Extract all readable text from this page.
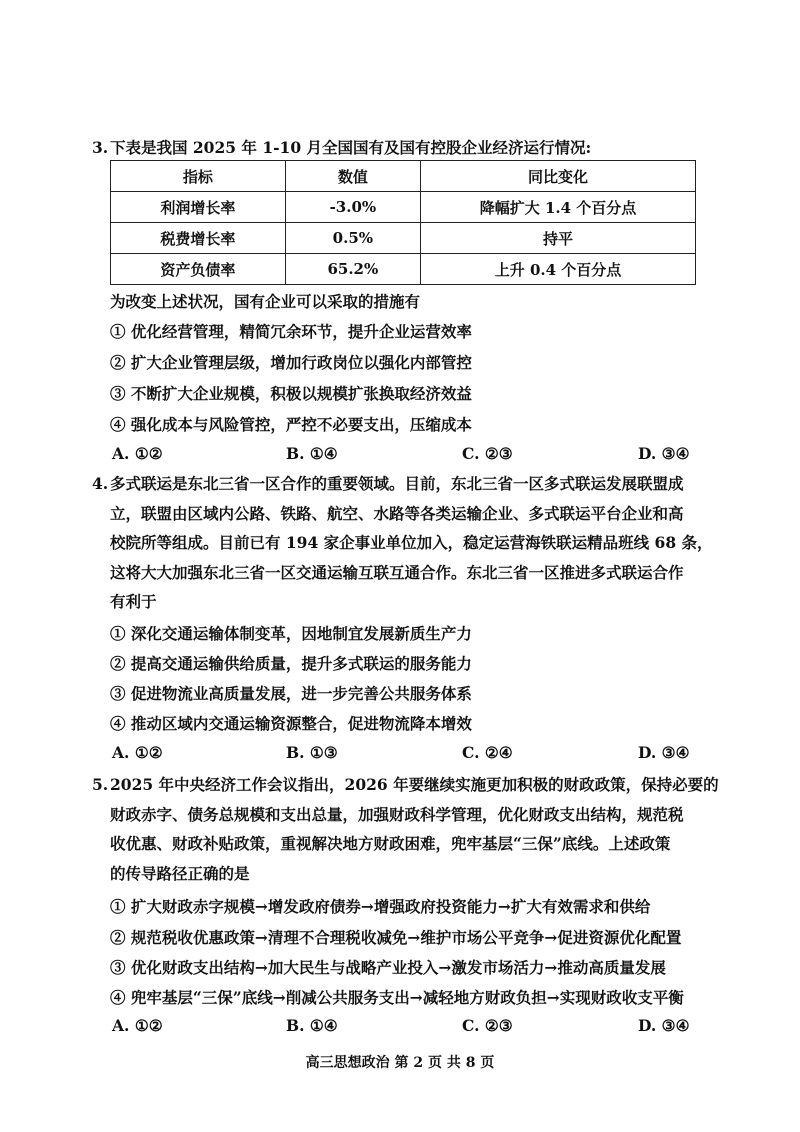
3. 下表是我国 2025 年 1-10 月全国国有及国有控股企业经济运行情况:
指标	数值	同比变化
利润增长率	-3.0%	降幅扩大 1.4 个百分点
税费增长率	0.5%	持平
资产负债率	65.2%	上升 0.4 个百分点
为改变上述状况，国有企业可以采取的措施有
① 优化经营管理，精简冗余环节，提升企业运营效率
② 扩大企业管理层级，增加行政岗位以强化内部管控
③ 不断扩大企业规模，积极以规模扩张换取经济效益
④ 强化成本与风险管控，严控不必要支出，压缩成本
A. ①②	B. ①④	C. ②③	D. ③④
4. 多式联运是东北三省一区合作的重要领域。目前，东北三省一区多式联运发展联盟成
立，联盟由区域内公路、铁路、航空、水路等各类运输企业、多式联运平台企业和高
校院所等组成。目前已有 194 家企事业单位加入，稳定运营海铁联运精品班线 68 条，
这将大大加强东北三省一区交通运输互联互通合作。东北三省一区推进多式联运合作
有利于
① 深化交通运输体制变革，因地制宜发展新质生产力
② 提高交通运输供给质量，提升多式联运的服务能力
③ 促进物流业高质量发展，进一步完善公共服务体系
④ 推动区域内交通运输资源整合，促进物流降本增效
A. ①②	B. ①③	C. ②④	D. ③④
5. 2025 年中央经济工作会议指出，2026 年要继续实施更加积极的财政政策，保持必要的
财政赤字、债务总规模和支出总量，加强财政科学管理，优化财政支出结构，规范税
收优惠、财政补贴政策，重视解决地方财政困难，兜牢基层“三保”底线。上述政策
的传导路径正确的是
① 扩大财政赤字规模→增发政府债券→增强政府投资能力→扩大有效需求和供给
② 规范税收优惠政策→清理不合理税收减免→维护市场公平竞争→促进资源优化配置
③ 优化财政支出结构→加大民生与战略产业投入→激发市场活力→推动高质量发展
④ 兜牢基层“三保”底线→削减公共服务支出→减轻地方财政负担→实现财政收支平衡
A. ①②	B. ①④	C. ②③	D. ③④
高三思想政治 第 2 页 共 8 页
